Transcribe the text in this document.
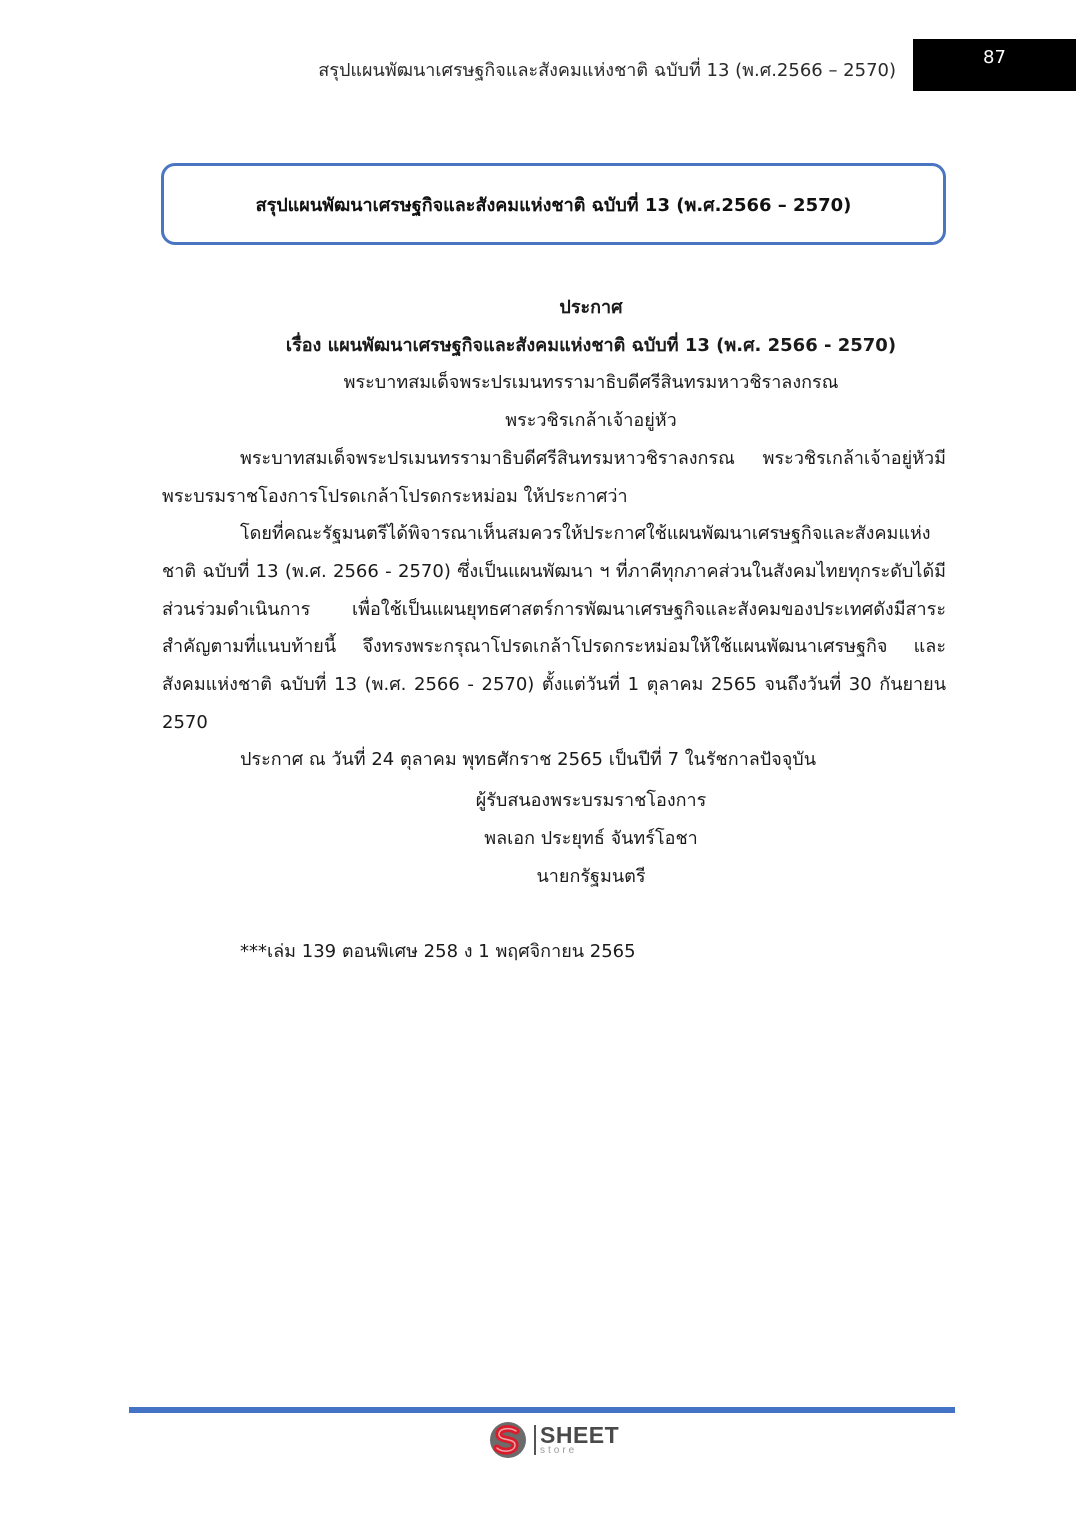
สรุปแผนพัฒนาเศรษฐกิจและสังคมแห่งชาติ ฉบับที่ 13 (พ.ศ.2566 – 2570)
87
สรุปแผนพัฒนาเศรษฐกิจและสังคมแห่งชาติ ฉบับที่ 13 (พ.ศ.2566 – 2570)

ประกาศ

เรื่อง แผนพัฒนาเศรษฐกิจและสังคมแห่งชาติ ฉบับที่ 13 (พ.ศ. 2566 - 2570)

พระบาทสมเด็จพระปรเมนทรรามาธิบดีศรีสินทรมหาวชิราลงกรณ

พระวชิรเกล้าเจ้าอยู่หัว

พระบาทสมเด็จพระปรเมนทรรามาธิบดีศรีสินทรมหาวชิราลงกรณ พระวชิรเกล้าเจ้าอยู่หัวมีพระบรมราชโองการโปรดเกล้าโปรดกระหม่อม ให้ประกาศว่า

โดยที่คณะรัฐมนตรีได้พิจารณาเห็นสมควรให้ประกาศใช้แผนพัฒนาเศรษฐกิจและสังคมแห่งชาติ ฉบับที่ 13 (พ.ศ. 2566 - 2570) ซึ่งเป็นแผนพัฒนา ฯ ที่ภาคีทุกภาคส่วนในสังคมไทยทุกระดับได้มีส่วนร่วมดำเนินการ เพื่อใช้เป็นแผนยุทธศาสตร์การพัฒนาเศรษฐกิจและสังคมของประเทศดังมีสาระสำคัญตามที่แนบท้ายนี้ จึงทรงพระกรุณาโปรดเกล้าโปรดกระหม่อมให้ใช้แผนพัฒนาเศรษฐกิจ และสังคมแห่งชาติ ฉบับที่ 13 (พ.ศ. 2566 - 2570) ตั้งแต่วันที่ 1 ตุลาคม 2565 จนถึงวันที่ 30 กันยายน 2570

ประกาศ ณ วันที่ 24 ตุลาคม พุทธศักราช 2565 เป็นปีที่ 7 ในรัชกาลปัจจุบัน

ผู้รับสนองพระบรมราชโองการ
พลเอก ประยุทธ์ จันทร์โอชา
นายกรัฐมนตรี
***เล่ม 139 ตอนพิเศษ 258 ง 1 พฤศจิกายน 2565
SHEET
store
